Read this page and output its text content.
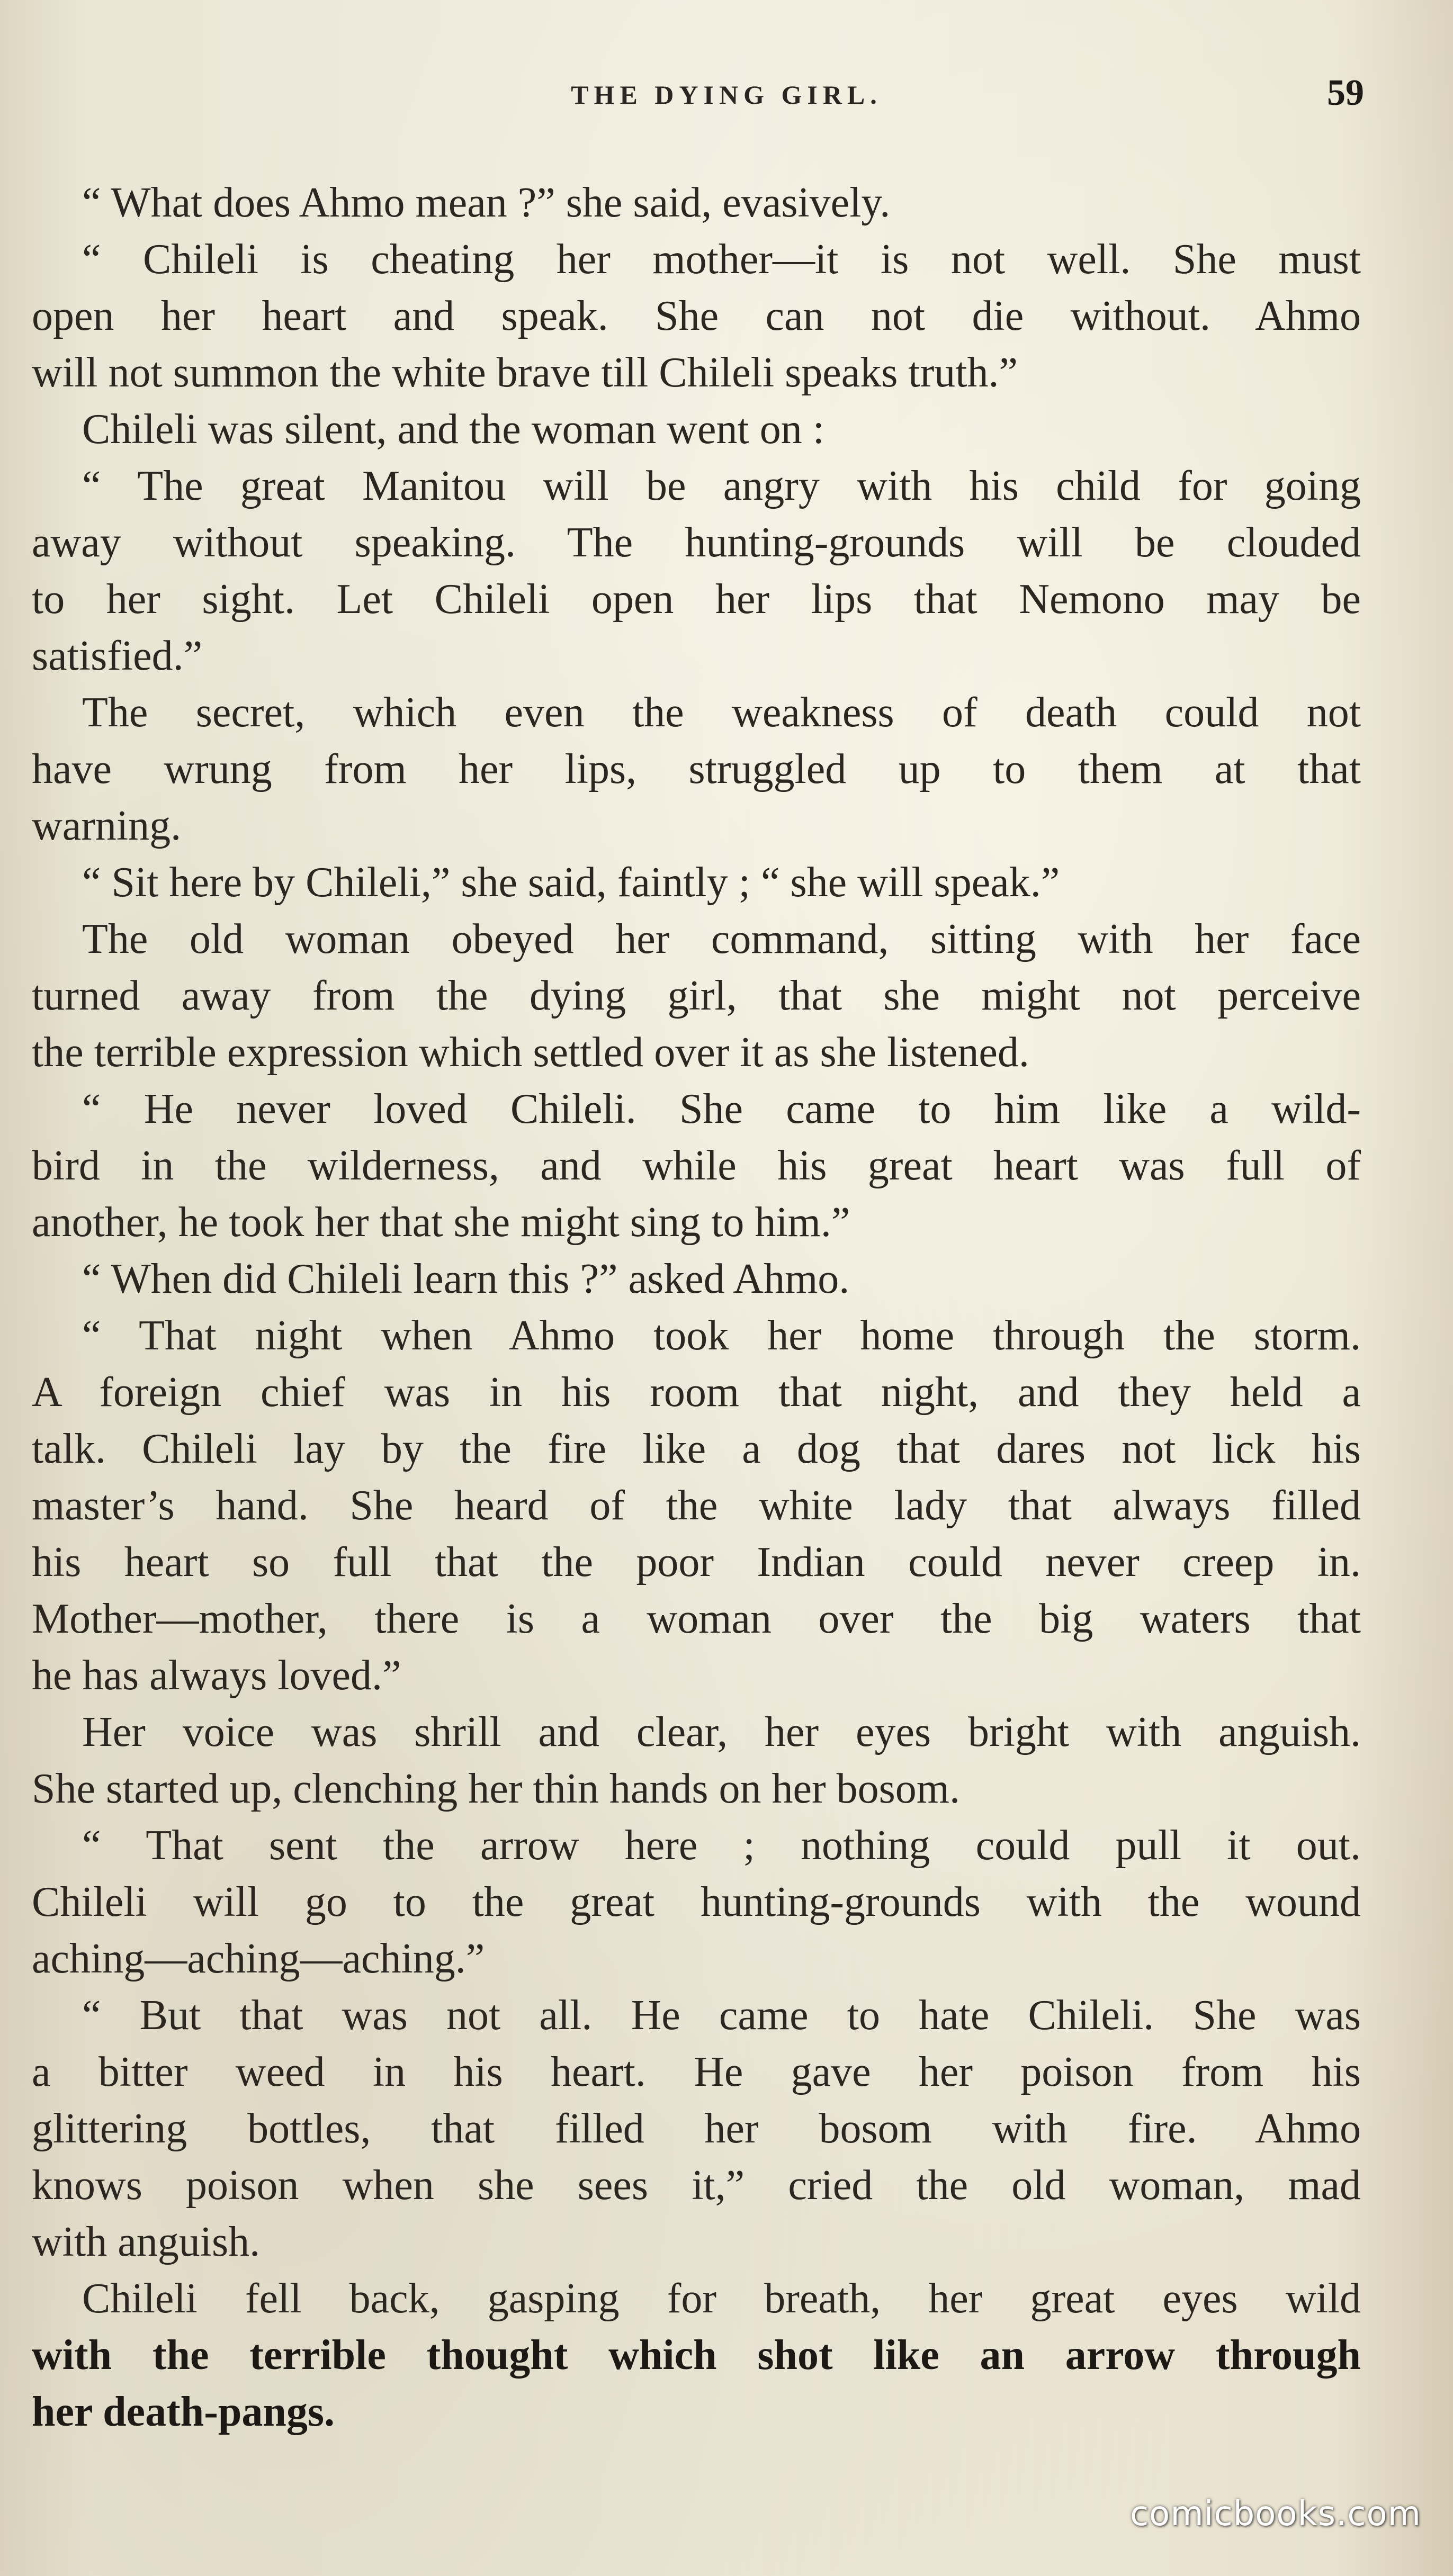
THE DYING GIRL.	59
“ What does Ahmo mean ?” she said, evasively.
“ Chileli is cheating her mother—it is not well. She must
open her heart and speak. She can not die without. Ahmo
will not summon the white brave till Chileli speaks truth.”
Chileli was silent, and the woman went on :
“ The great Manitou will be angry with his child for going
away without speaking. The hunting-grounds will be clouded
to her sight. Let Chileli open her lips that Nemono may be
satisfied.”
The secret, which even the weakness of death could not
have wrung from her lips, struggled up to them at that
warning.
“ Sit here by Chileli,” she said, faintly ; “ she will speak.”
The old woman obeyed her command, sitting with her face
turned away from the dying girl, that she might not perceive
the terrible expression which settled over it as she listened.
“ He never loved Chileli. She came to him like a wild-
bird in the wilderness, and while his great heart was full of
another, he took her that she might sing to him.”
“ When did Chileli learn this ?” asked Ahmo.
“ That night when Ahmo took her home through the storm.
A foreign chief was in his room that night, and they held a
talk. Chileli lay by the fire like a dog that dares not lick his
master’s hand. She heard of the white lady that always filled
his heart so full that the poor Indian could never creep in.
Mother—mother, there is a woman over the big waters that
he has always loved.”
Her voice was shrill and clear, her eyes bright with anguish.
She started up, clenching her thin hands on her bosom.
“ That sent the arrow here ; nothing could pull it out.
Chileli will go to the great hunting-grounds with the wound
aching—aching—aching.”
“ But that was not all. He came to hate Chileli. She was
a bitter weed in his heart. He gave her poison from his
glittering bottles, that filled her bosom with fire. Ahmo
knows poison when she sees it,” cried the old woman, mad
with anguish.
Chileli fell back, gasping for breath, her great eyes wild
with the terrible thought which shot like an arrow through
her death-pangs.
comicbooks.com
